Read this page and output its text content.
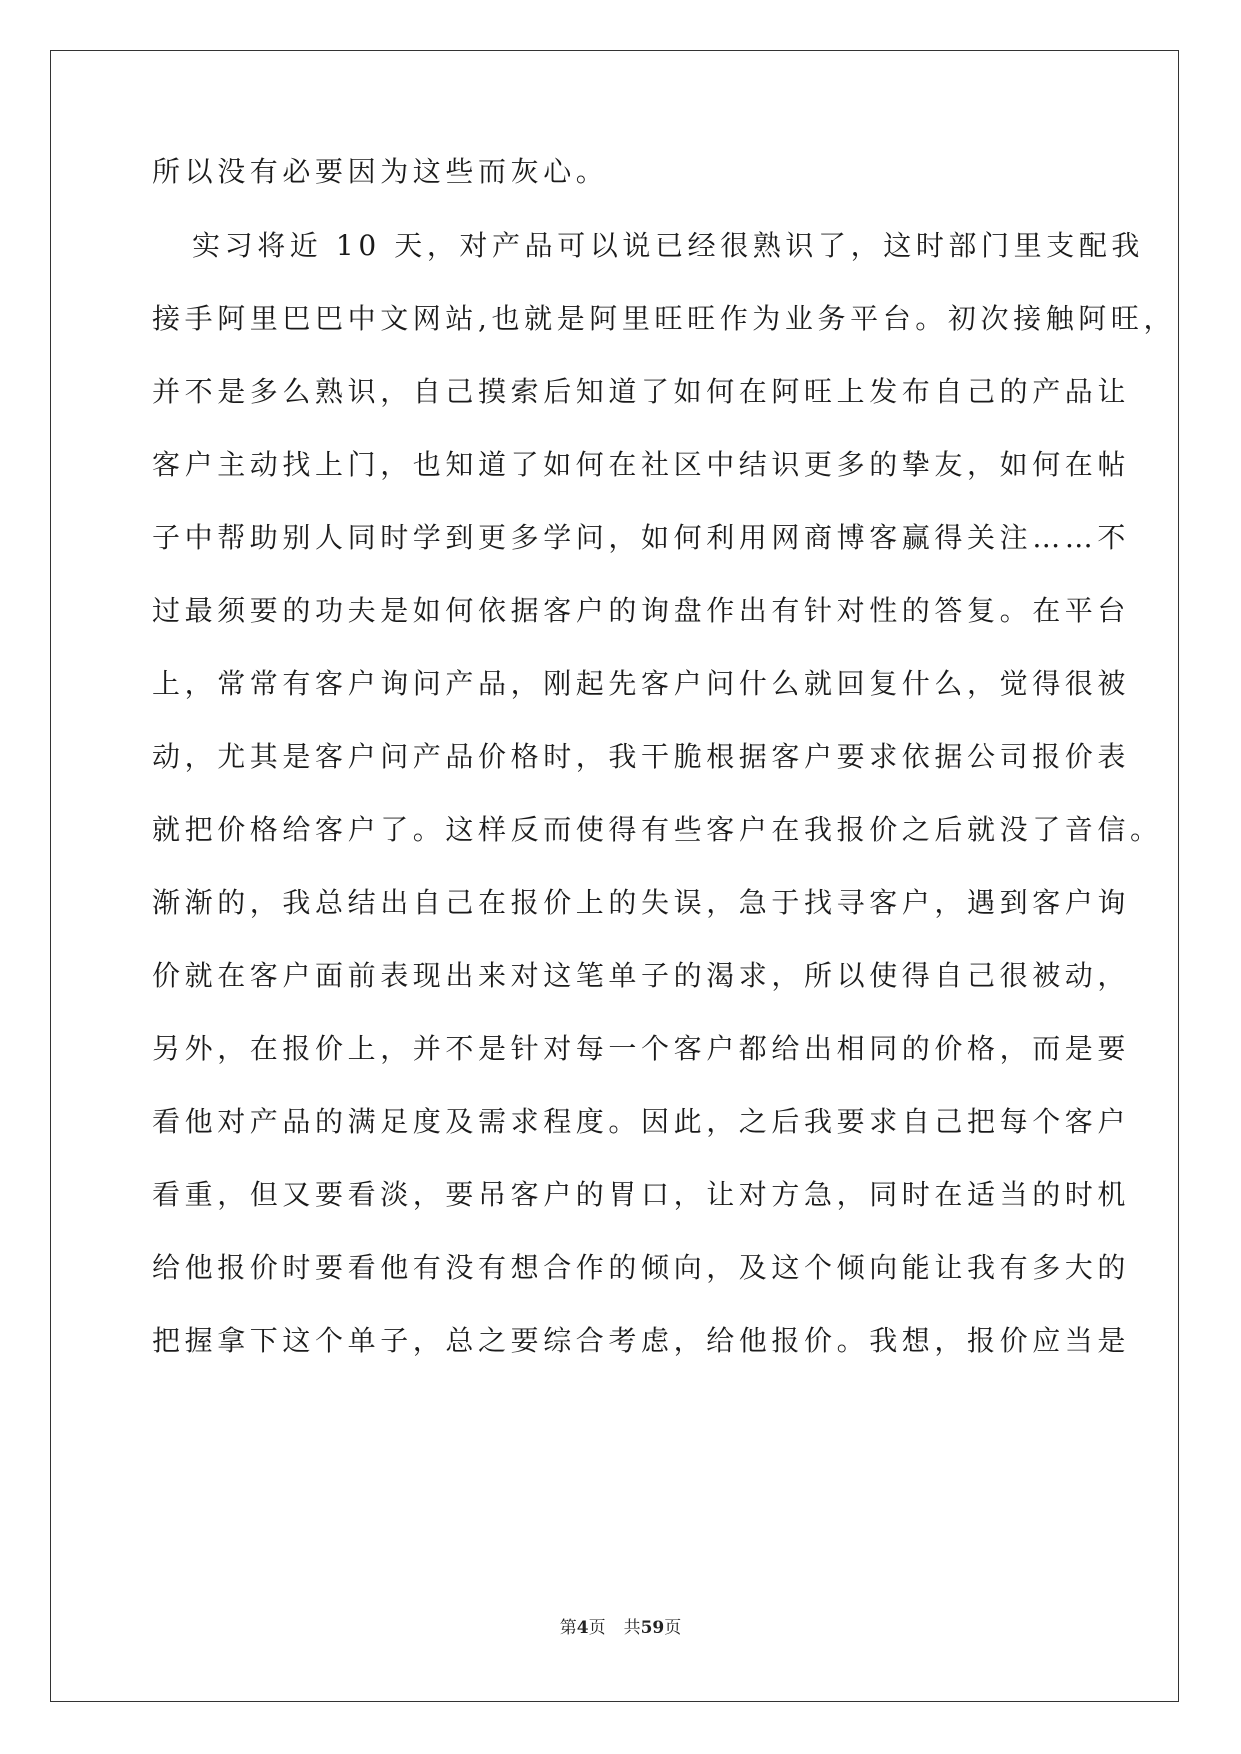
所以没有必要因为这些而灰心。
实习将近 10 天，对产品可以说已经很熟识了，这时部门里支配我
接手阿里巴巴中文网站,也就是阿里旺旺作为业务平台。初次接触阿旺，
并不是多么熟识，自己摸索后知道了如何在阿旺上发布自己的产品让
客户主动找上门，也知道了如何在社区中结识更多的挚友，如何在帖
子中帮助别人同时学到更多学问，如何利用网商博客赢得关注……不
过最须要的功夫是如何依据客户的询盘作出有针对性的答复。在平台
上，常常有客户询问产品，刚起先客户问什么就回复什么，觉得很被
动，尤其是客户问产品价格时，我干脆根据客户要求依据公司报价表
就把价格给客户了。这样反而使得有些客户在我报价之后就没了音信。
渐渐的，我总结出自己在报价上的失误，急于找寻客户，遇到客户询
价就在客户面前表现出来对这笔单子的渴求，所以使得自己很被动，
另外，在报价上，并不是针对每一个客户都给出相同的价格，而是要
看他对产品的满足度及需求程度。因此，之后我要求自己把每个客户
看重，但又要看淡，要吊客户的胃口，让对方急，同时在适当的时机
给他报价时要看他有没有想合作的倾向，及这个倾向能让我有多大的
把握拿下这个单子，总之要综合考虑，给他报价。我想，报价应当是
第4页 共59页
